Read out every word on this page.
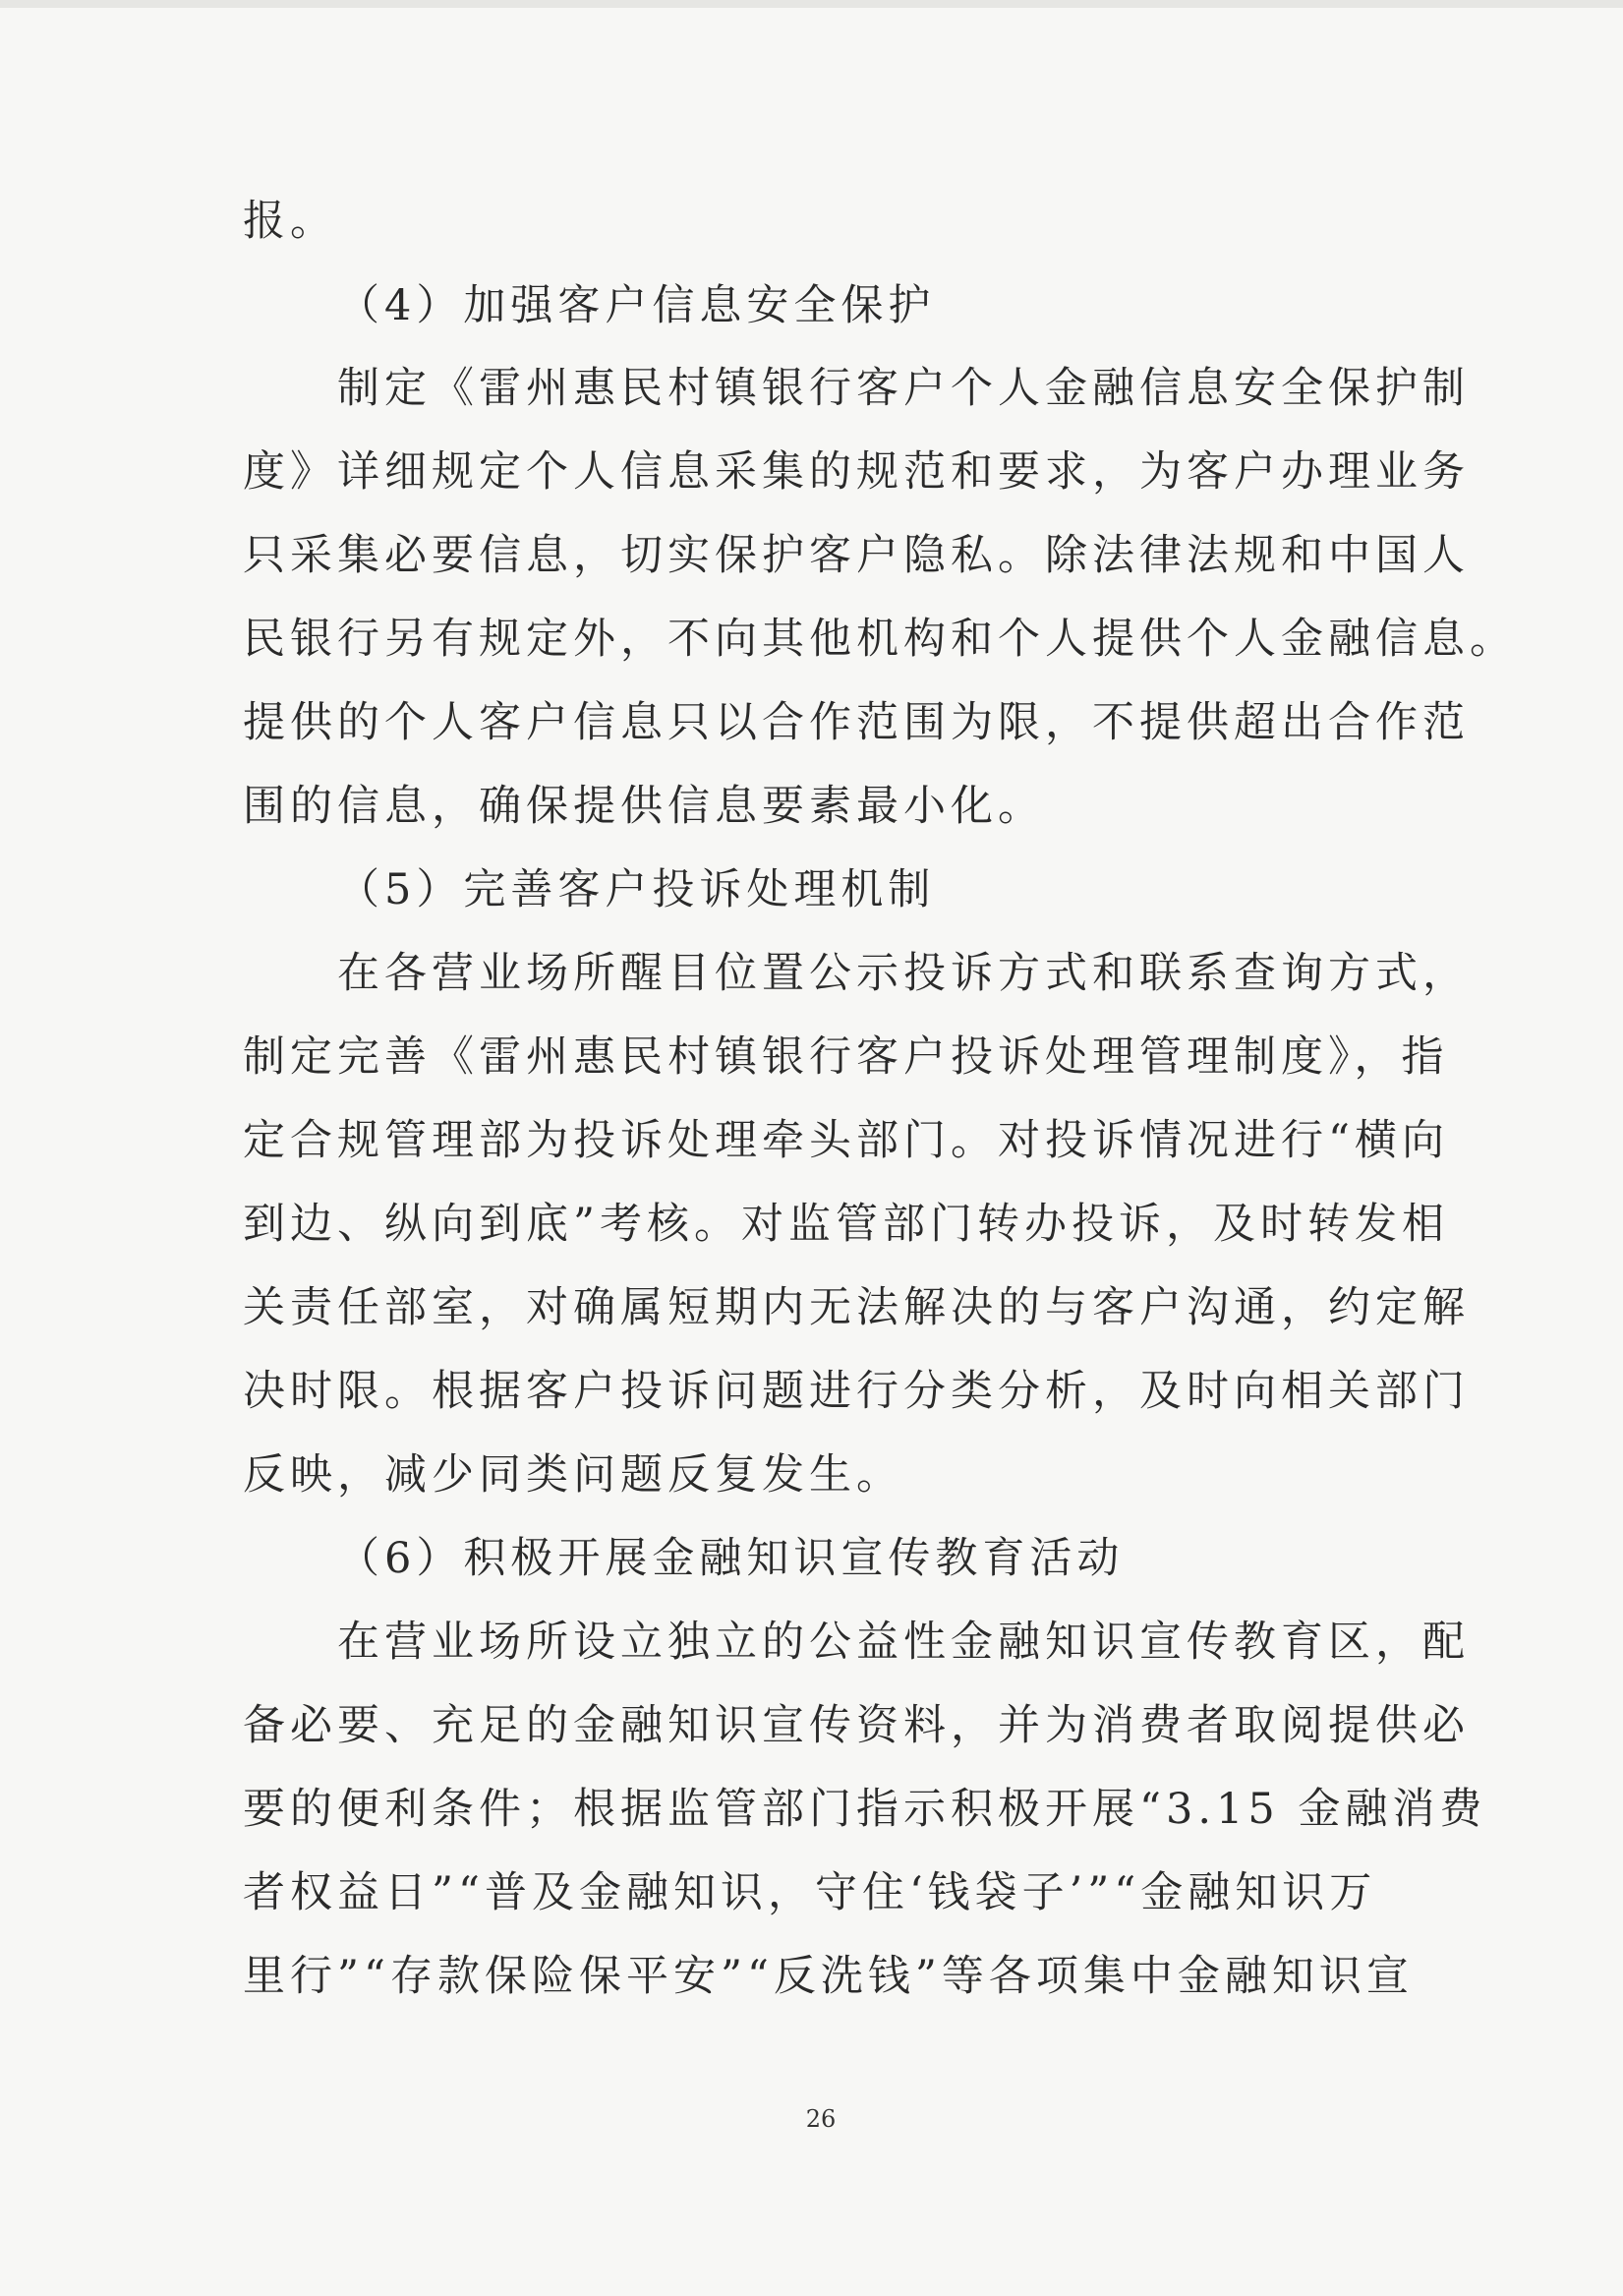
报。
（4）加强客户信息安全保护
制定《雷州惠民村镇银行客户个人金融信息安全保护制
度》详细规定个人信息采集的规范和要求，为客户办理业务
只采集必要信息，切实保护客户隐私。除法律法规和中国人
民银行另有规定外，不向其他机构和个人提供个人金融信息。
提供的个人客户信息只以合作范围为限，不提供超出合作范
围的信息，确保提供信息要素最小化。
（5）完善客户投诉处理机制
在各营业场所醒目位置公示投诉方式和联系查询方式，
制定完善《雷州惠民村镇银行客户投诉处理管理制度》，指
定合规管理部为投诉处理牵头部门。对投诉情况进行“横向
到边、纵向到底”考核。对监管部门转办投诉，及时转发相
关责任部室，对确属短期内无法解决的与客户沟通，约定解
决时限。根据客户投诉问题进行分类分析，及时向相关部门
反映，减少同类问题反复发生。
（6）积极开展金融知识宣传教育活动
在营业场所设立独立的公益性金融知识宣传教育区，配
备必要、充足的金融知识宣传资料，并为消费者取阅提供必
要的便利条件；根据监管部门指示积极开展“3.15 金融消费
者权益日”“普及金融知识，守住‘钱袋子’”“金融知识万
里行”“存款保险保平安”“反洗钱”等各项集中金融知识宣
26
